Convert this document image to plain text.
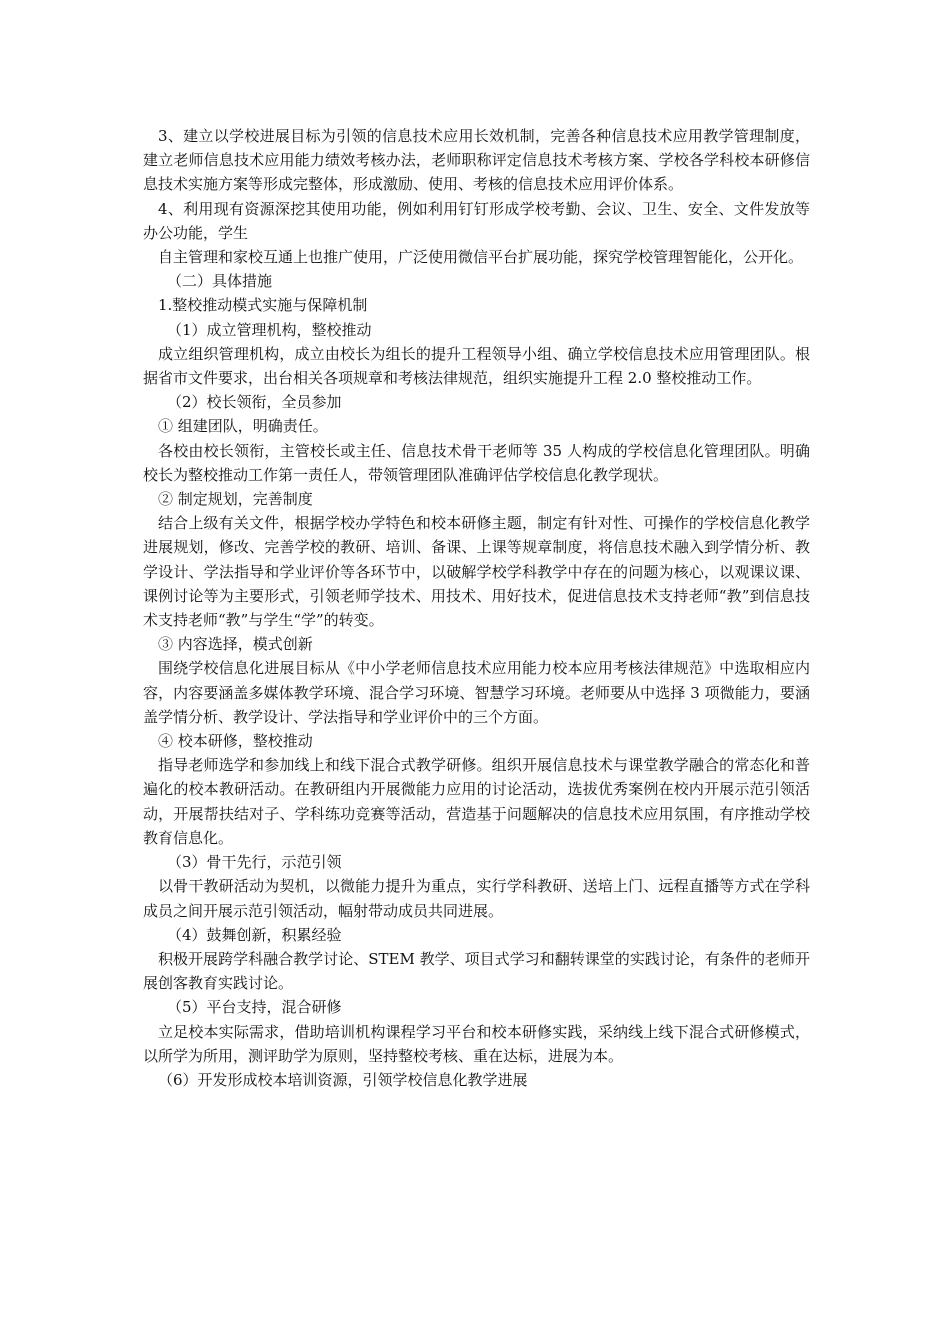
3、建立以学校进展目标为引领的信息技术应用长效机制，完善各种信息技术应用教学管理制度，建立老师信息技术应用能力绩效考核办法，老师职称评定信息技术考核方案、学校各学科校本研修信息技术实施方案等形成完整体，形成激励、使用、考核的信息技术应用评价体系。

4、利用现有资源深挖其使用功能，例如利用钉钉形成学校考勤、会议、卫生、安全、文件发放等办公功能，学生

自主管理和家校互通上也推广使用，广泛使用微信平台扩展功能，探究学校管理智能化，公开化。

（二）具体措施

1.整校推动模式实施与保障机制

（1）成立管理机构，整校推动

成立组织管理机构，成立由校长为组长的提升工程领导小组、确立学校信息技术应用管理团队。根据省市文件要求，出台相关各项规章和考核法律规范，组织实施提升工程 2.0 整校推动工作。

（2）校长领衔，全员参加

① 组建团队，明确责任。

各校由校长领衔，主管校长或主任、信息技术骨干老师等 35 人构成的学校信息化管理团队。明确校长为整校推动工作第一责任人，带领管理团队准确评估学校信息化教学现状。

② 制定规划，完善制度

结合上级有关文件，根据学校办学特色和校本研修主题，制定有针对性、可操作的学校信息化教学进展规划，修改、完善学校的教研、培训、备课、上课等规章制度，将信息技术融入到学情分析、教学设计、学法指导和学业评价等各环节中，以破解学校学科教学中存在的问题为核心，以观课议课、课例讨论等为主要形式，引领老师学技术、用技术、用好技术，促进信息技术支持老师“教”到信息技术支持老师“教”与学生“学”的转变。

③ 内容选择，模式创新

围绕学校信息化进展目标从《中小学老师信息技术应用能力校本应用考核法律规范》中选取相应内容，内容要涵盖多媒体教学环境、混合学习环境、智慧学习环境。老师要从中选择 3 项微能力，要涵盖学情分析、教学设计、学法指导和学业评价中的三个方面。

④ 校本研修，整校推动

指导老师选学和参加线上和线下混合式教学研修。组织开展信息技术与课堂教学融合的常态化和普遍化的校本教研活动。在教研组内开展微能力应用的讨论活动，选拔优秀案例在校内开展示范引领活动，开展帮扶结对子、学科练功竞赛等活动，营造基于问题解决的信息技术应用氛围，有序推动学校教育信息化。

（3）骨干先行，示范引领

以骨干教研活动为契机，以微能力提升为重点，实行学科教研、送培上门、远程直播等方式在学科成员之间开展示范引领活动，幅射带动成员共同进展。

（4）鼓舞创新，积累经验

积极开展跨学科融合教学讨论、STEM 教学、项目式学习和翻转课堂的实践讨论，有条件的老师开展创客教育实践讨论。

（5）平台支持，混合研修

立足校本实际需求，借助培训机构课程学习平台和校本研修实践，采纳线上线下混合式研修模式，以所学为所用，测评助学为原则，坚持整校考核、重在达标，进展为本。

（6）开发形成校本培训资源，引领学校信息化教学进展
